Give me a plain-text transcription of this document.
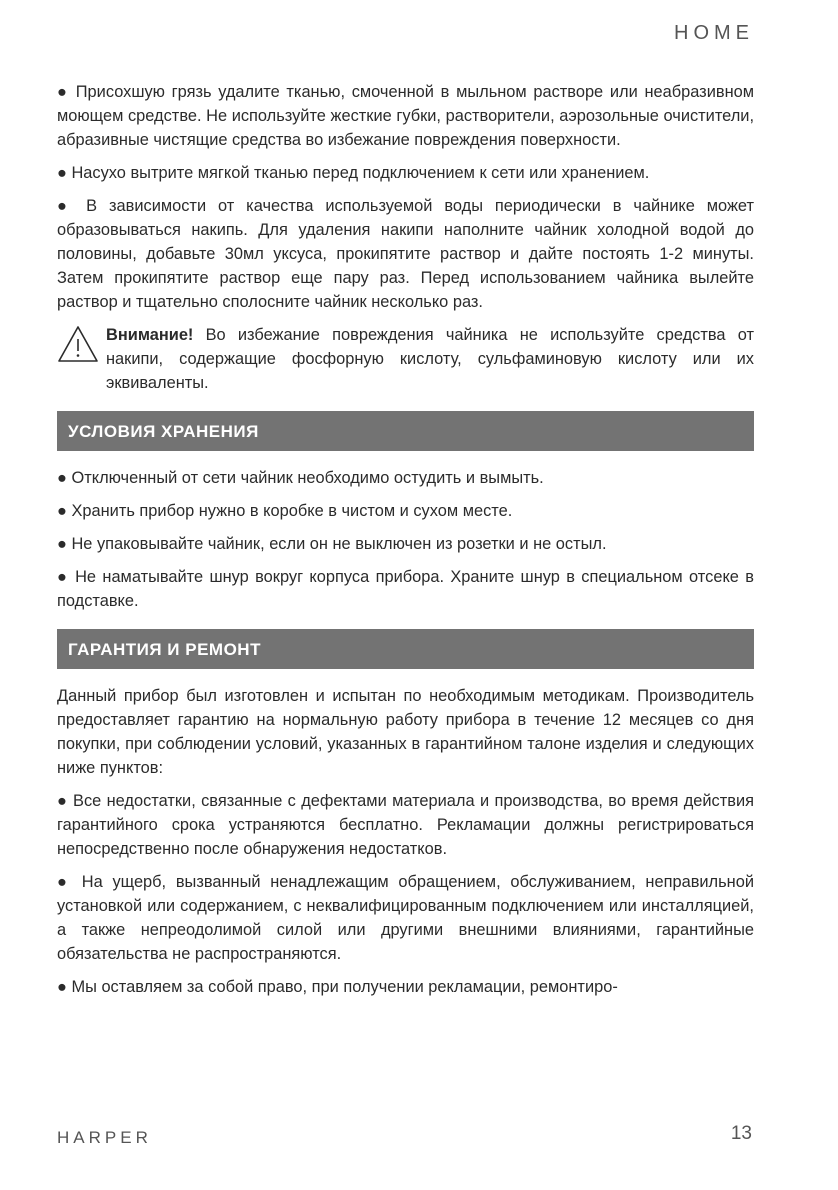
HOME

● Присохшую грязь удалите тканью, смоченной в мыльном растворе или неабразивном моющем средстве. Не используйте жесткие губки, растворители, аэрозольные очистители, абразивные чистящие средства во избежание повреждения поверхности.

● Насухо вытрите мягкой тканью перед подключением к сети или хранением.

● В зависимости от качества используемой воды периодически в чайнике может образовываться накипь. Для удаления накипи наполните чайник холодной водой до половины, добавьте 30мл уксуса, прокипятите раствор и дайте постоять 1-2 минуты. Затем прокипятите раствор еще пару раз. Перед использованием чайника вылейте раствор и тщательно сполосните чайник несколько раз.

Внимание! Во избежание повреждения чайника не используйте средства от накипи, содержащие фосфорную кислоту, сульфаминовую кислоту или их эквиваленты.
УСЛОВИЯ ХРАНЕНИЯ

● Отключенный от сети чайник необходимо остудить и вымыть.

● Хранить прибор нужно в коробке в чистом и сухом месте.

● Не упаковывайте чайник, если он не выключен из розетки и не остыл.

● Не наматывайте шнур вокруг корпуса прибора. Храните шнур в специальном отсеке в подставке.

ГАРАНТИЯ И РЕМОНТ

Данный прибор был изготовлен и испытан по необходимым методикам. Производитель предоставляет гарантию на нормальную работу прибора в течение 12 месяцев со дня покупки, при соблюдении условий, указанных в гарантийном талоне изделия и следующих ниже пунктов:

● Все недостатки, связанные с дефектами материала и производства, во время действия гарантийного срока устраняются бесплатно. Рекламации должны регистрироваться непосредственно после обнаружения недостатков.

● На ущерб, вызванный ненадлежащим обращением, обслуживанием, неправильной установкой или содержанием, с неквалифицированным подключением или инсталляцией, а также непреодолимой силой или другими внешними влияниями, гарантийные обязательства не распространяются.

● Мы оставляем за собой право, при получении рекламации, ремонтиро-

HARPER	13
